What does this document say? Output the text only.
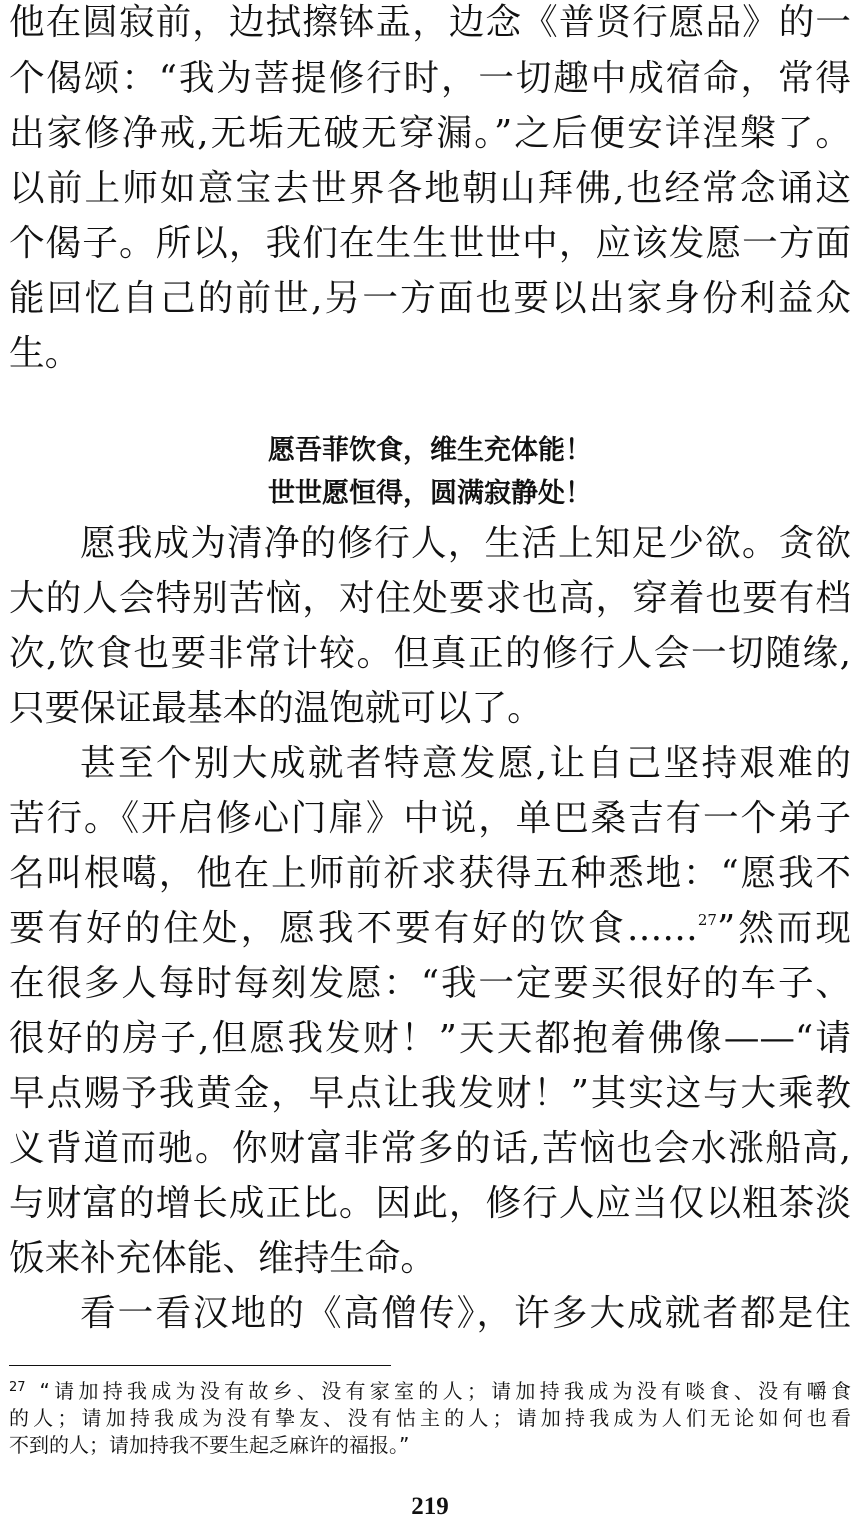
他在圆寂前，边拭擦钵盂，边念《普贤行愿品》的一
个偈颂：“我为菩提修行时，一切趣中成宿命，常得
出家修净戒,无垢无破无穿漏。”之后便安详涅槃了。
以前上师如意宝去世界各地朝山拜佛,也经常念诵这
个偈子。所以，我们在生生世世中，应该发愿一方面
能回忆自己的前世,另一方面也要以出家身份利益众
生。
愿吾菲饮食，维生充体能！
世世愿恒得，圆满寂静处！
愿我成为清净的修行人，生活上知足少欲。贪欲
大的人会特别苦恼，对住处要求也高，穿着也要有档
次,饮食也要非常计较。但真正的修行人会一切随缘,
只要保证最基本的温饱就可以了。
甚至个别大成就者特意发愿,让自己坚持艰难的
苦行。《开启修心门扉》中说，单巴桑吉有一个弟子
名叫根噶，他在上师前祈求获得五种悉地：“愿我不
要有好的住处，愿我不要有好的饮食……$^{27}$”然而现
在很多人每时每刻发愿：“我一定要买很好的车子、
很好的房子,但愿我发财！”天天都抱着佛像——“请
早点赐予我黄金，早点让我发财！”其实这与大乘教
义背道而驰。你财富非常多的话,苦恼也会水涨船高,
与财富的增长成正比。因此，修行人应当仅以粗茶淡
饭来补充体能、维持生命。
看一看汉地的《高僧传》，许多大成就者都是住
$^{27}$ “请加持我成为没有故乡、没有家室的人；请加持我成为没有啖食、没有嚼食
的人；请加持我成为没有挚友、没有怙主的人；请加持我成为人们无论如何也看
不到的人；请加持我不要生起乏麻许的福报。”
219
